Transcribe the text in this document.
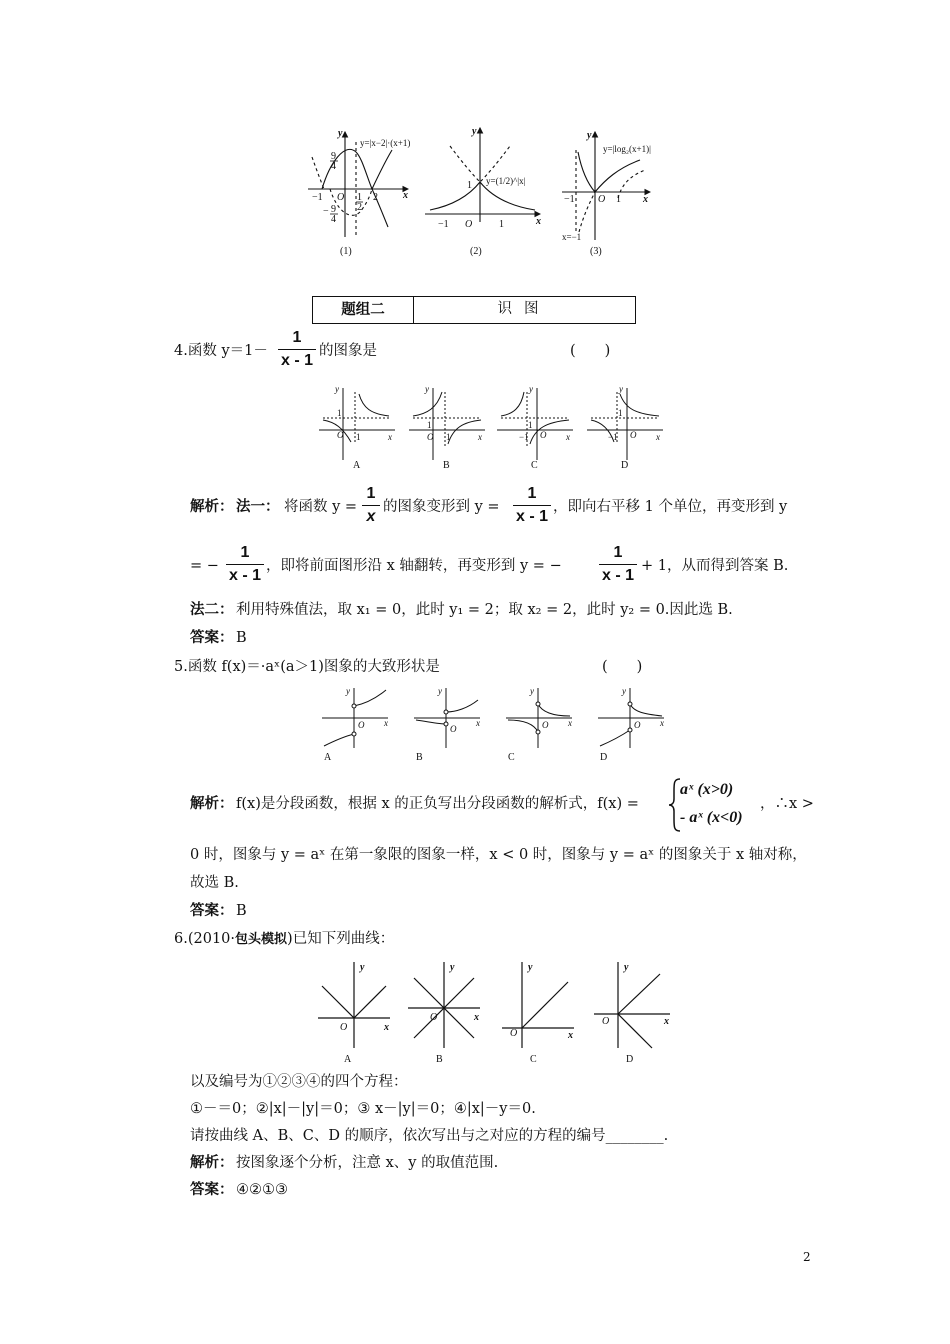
y
x
−1 O	2
9
4
− 9
4
1
2
y=|x−2|·(x+1)
(1)
y
x
1
−1 O	1
y=(1/2)^|x|
(2)
y
x
−1 O 1
y=|log₂(x+1)|
x=−1
(3)
题组二	识图
4.函数 y＝1－
1
x - 1
的图象是	(　　)
y
x
O 1
1
y
x
O 1
1
y
x
O
−1
1
y
x
O
−1
1
A	B	C	D
解析： 法一： 将函数 y =
1
x
的图象变形到 y =
1
x - 1
，即向右平移 1 个单位，再变形到 y
= −
1
x - 1
，即将前面图形沿 x 轴翻转，再变形到 y = −
1
x - 1
+ 1，从而得到答案 B.
法二： 利用特殊值法，取 x₁ = 0，此时 y₁ = 2；取 x₂ = 2，此时 y₂ = 0.因此选 B.
答案： B
5.函数 f(x)＝·aˣ(a＞1)图象的大致形状是	(　　)
y
x
O
y
x
O
y
x
O
y
x
O
A	B	C	D
解析： f(x)是分段函数，根据 x 的正负写出分段函数的解析式，f(x) =
aˣ (x>0)
- aˣ (x<0)
，∴x >
0 时，图象与 y = aˣ 在第一象限的图象一样，x < 0 时，图象与 y = aˣ 的图象关于 x 轴对称，
故选 B.
答案： B
6.(2010·包头模拟)已知下列曲线：
y
x
O
y
x
O
y
x
O
y
x
O
A	B	C	D
以及编号为①②③④的四个方程：
①－＝0；②|x|－|y|＝0；③ x－|y|＝0；④|x|－y＝0.
请按曲线 A、B、C、D 的顺序，依次写出与之对应的方程的编号________.
解析： 按图象逐个分析，注意 x、y 的取值范围.
答案： ④②①③
2
